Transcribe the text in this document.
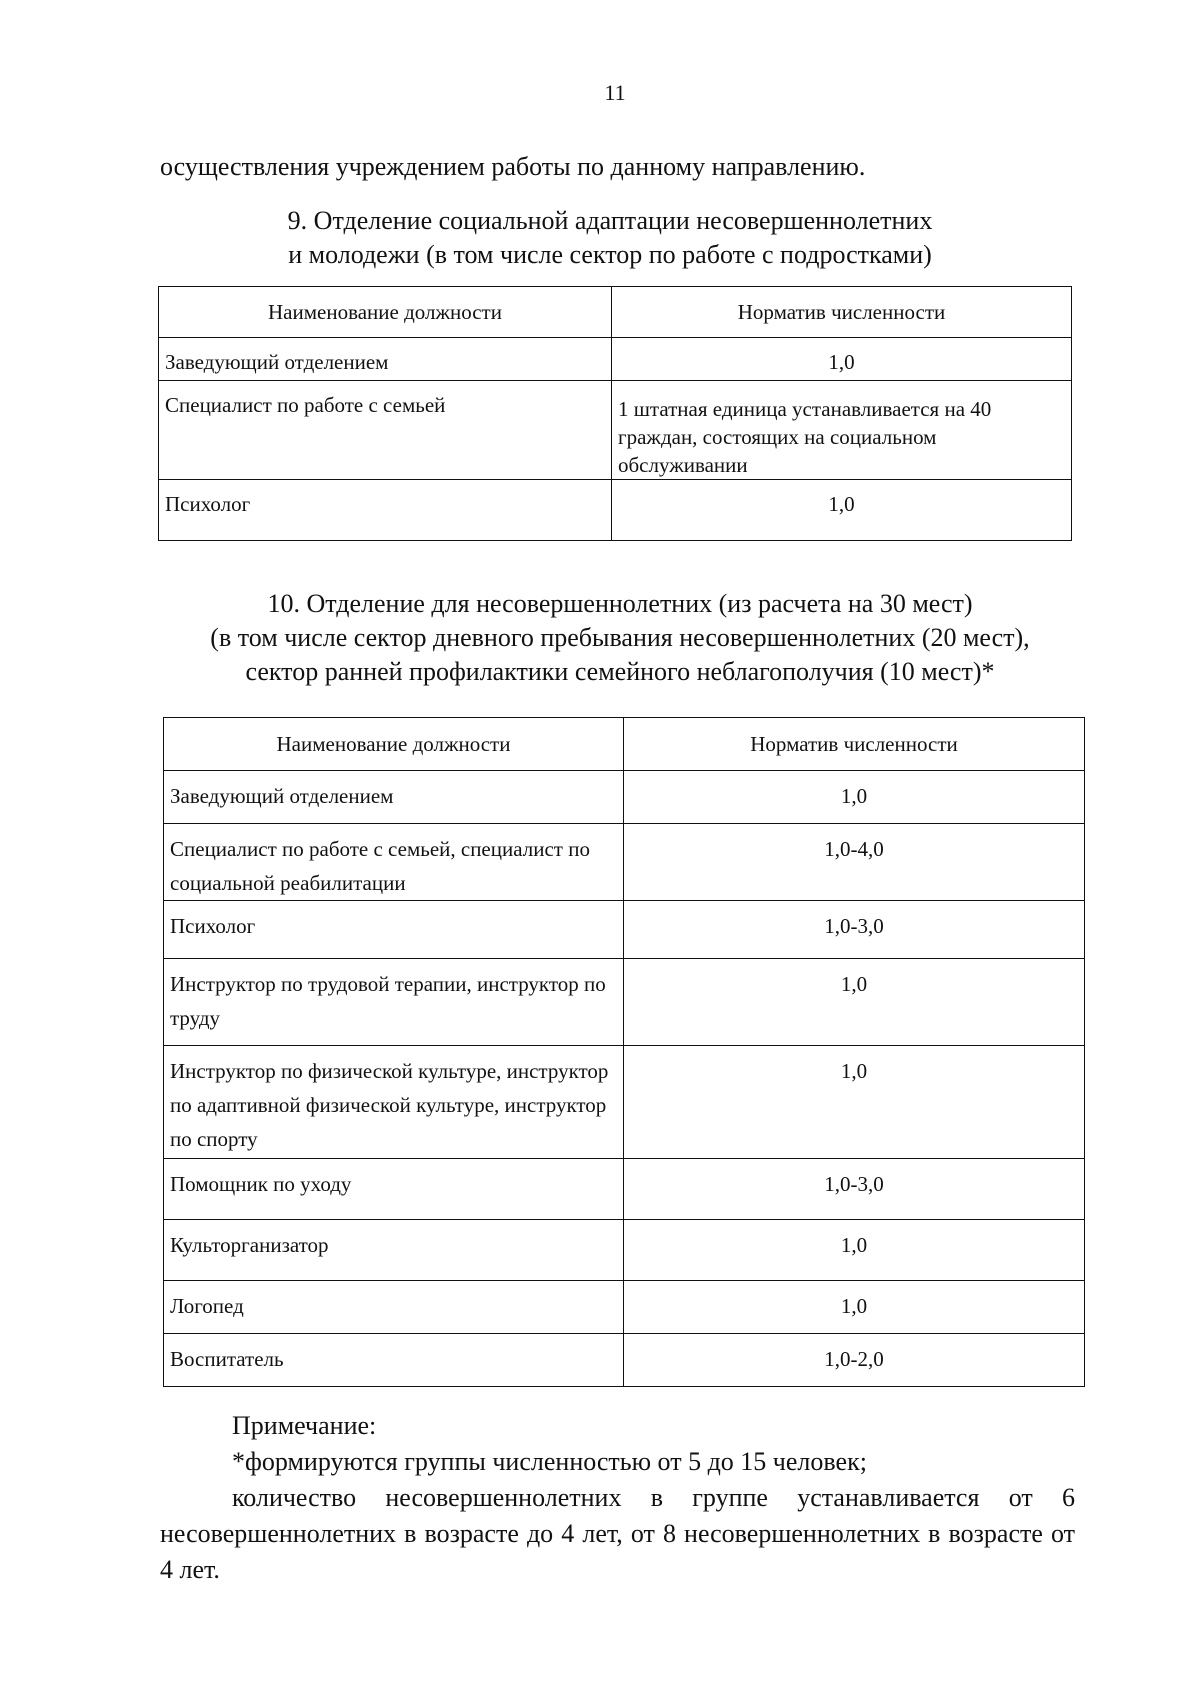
11
осуществления учреждением работы по данному направлению.
9. Отделение социальной адаптации несовершеннолетних
и молодежи (в том числе сектор по работе с подростками)
Наименование должности	Норматив численности
Заведующий отделением	1,0
Специалист по работе с семьей	1 штатная единица устанавливается на 40 граждан, состоящих на социальном обслуживании
Психолог	1,0
10. Отделение для несовершеннолетних (из расчета на 30 мест)
(в том числе сектор дневного пребывания несовершеннолетних (20 мест),
сектор ранней профилактики семейного неблагополучия (10 мест)*
Наименование должности	Норматив численности
Заведующий отделением	1,0
Специалист по работе с семьей, специалист по социальной реабилитации	1,0-4,0
Психолог	1,0-3,0
Инструктор по трудовой терапии, инструктор по труду	1,0
Инструктор по физической культуре, инструктор по адаптивной физической культуре, инструктор по спорту	1,0
Помощник по уходу	1,0-3,0
Культорганизатор	1,0
Логопед	1,0
Воспитатель	1,0-2,0
Примечание:
*формируются группы численностью от 5 до 15 человек;
количество несовершеннолетних в группе устанавливается от 6 несовершеннолетних в возрасте до 4 лет, от 8 несовершеннолетних в возрасте от 4 лет.
